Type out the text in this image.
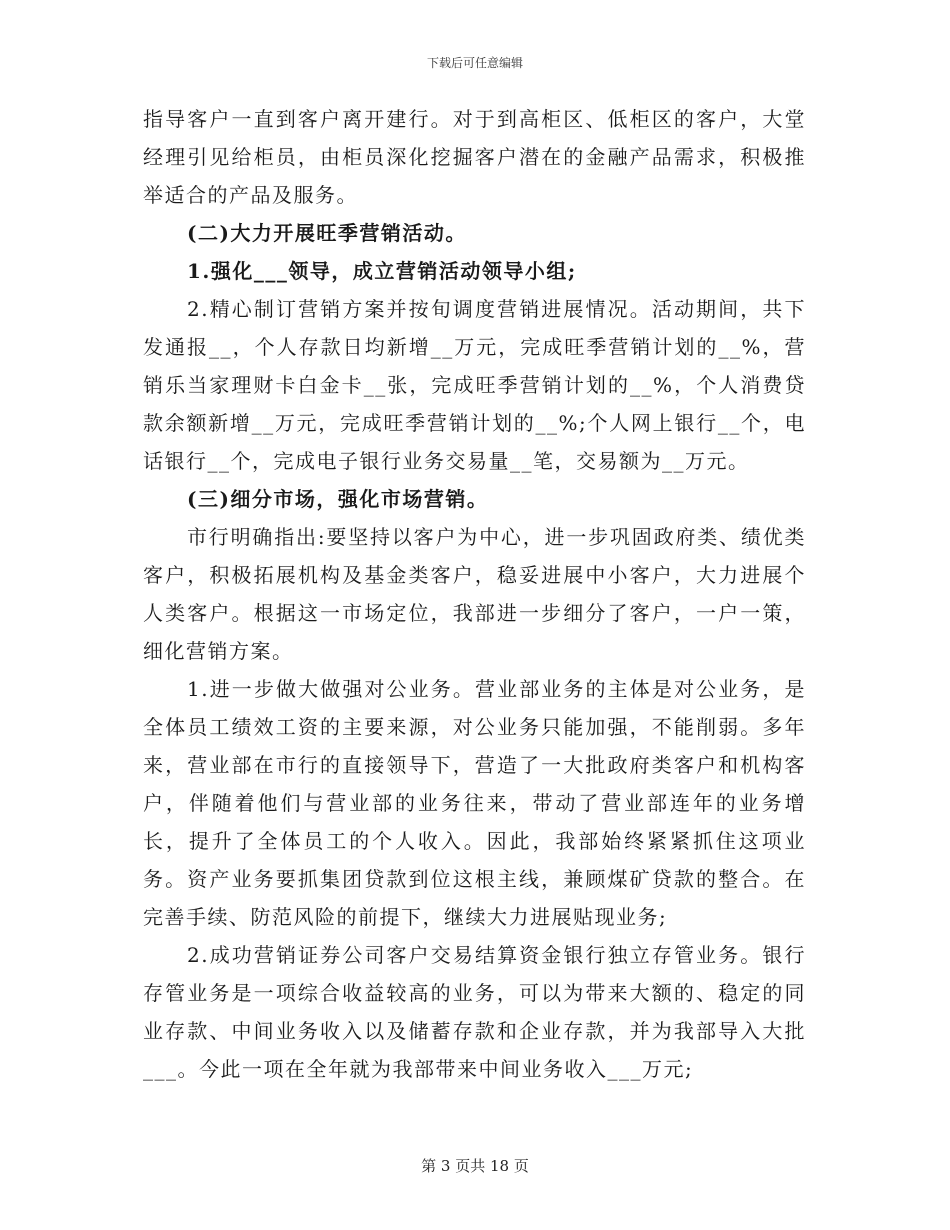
下载后可任意编辑

指导客户一直到客户离开建行。对于到高柜区、低柜区的客户，大堂经理引见给柜员，由柜员深化挖掘客户潜在的金融产品需求，积极推举适合的产品及服务。

(二)大力开展旺季营销活动。

1.强化___领导，成立营销活动领导小组;

2.精心制订营销方案并按旬调度营销进展情况。活动期间，共下发通报__，个人存款日均新增__万元，完成旺季营销计划的__%，营销乐当家理财卡白金卡__张，完成旺季营销计划的__%，个人消费贷款余额新增__万元，完成旺季营销计划的__%;个人网上银行__个，电话银行__个，完成电子银行业务交易量__笔，交易额为__万元。

(三)细分市场，强化市场营销。

市行明确指出:要坚持以客户为中心，进一步巩固政府类、绩优类客户，积极拓展机构及基金类客户，稳妥进展中小客户，大力进展个人类客户。根据这一市场定位，我部进一步细分了客户，一户一策，细化营销方案。

1.进一步做大做强对公业务。营业部业务的主体是对公业务，是全体员工绩效工资的主要来源，对公业务只能加强，不能削弱。多年来，营业部在市行的直接领导下，营造了一大批政府类客户和机构客户，伴随着他们与营业部的业务往来，带动了营业部连年的业务增长，提升了全体员工的个人收入。因此，我部始终紧紧抓住这项业务。资产业务要抓集团贷款到位这根主线，兼顾煤矿贷款的整合。在完善手续、防范风险的前提下，继续大力进展贴现业务;

2.成功营销证券公司客户交易结算资金银行独立存管业务。银行存管业务是一项综合收益较高的业务，可以为带来大额的、稳定的同业存款、中间业务收入以及储蓄存款和企业存款，并为我部导入大批___。今此一项在全年就为我部带来中间业务收入___万元;

第 3 页共 18 页
